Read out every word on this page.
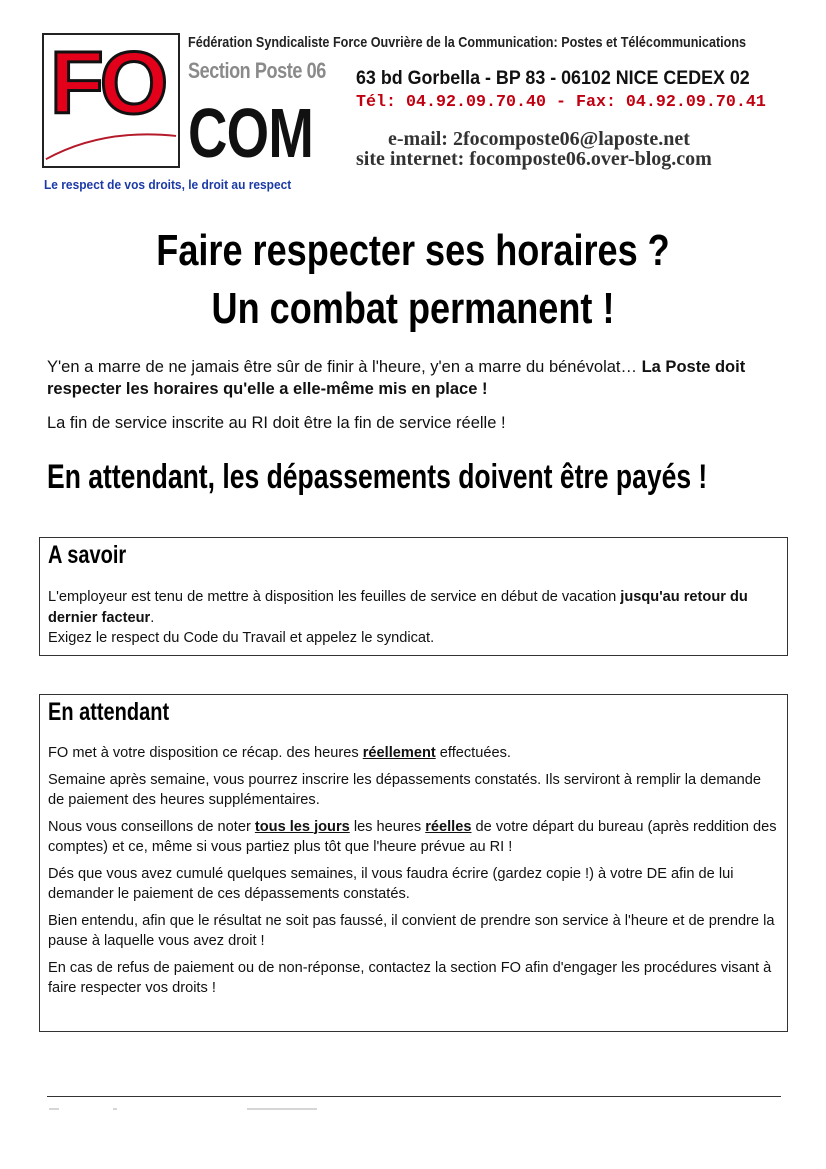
FO Fédération Syndicaliste Force Ouvrière de la Communication: Postes et Télécommunications
Section Poste 06
COM
Le respect de vos droits, le droit au respect
63 bd Gorbella - BP 83 - 06102 NICE CEDEX 02
Tél: 04.92.09.70.40 - Fax: 04.92.09.70.41
e-mail: 2focomposte06@laposte.net
site internet: focomposte06.over-blog.com
Faire respecter ses horaires ?
Un combat permanent !
Y'en a marre de ne jamais être sûr de finir à l'heure, y'en a marre du bénévolat… La Poste doit respecter les horaires qu'elle a elle-même mis en place !
La fin de service inscrite au RI doit être la fin de service réelle !
En attendant, les dépassements doivent être payés !
A savoir
L'employeur est tenu de mettre à disposition les feuilles de service en début de vacation jusqu'au retour du dernier facteur.
Exigez le respect du Code du Travail et appelez le syndicat.
En attendant

FO met à votre disposition ce récap. des heures réellement effectuées.

Semaine après semaine, vous pourrez inscrire les dépassements constatés. Ils serviront à remplir la demande de paiement des heures supplémentaires.

Nous vous conseillons de noter tous les jours les heures réelles de votre départ du bureau (après reddition des comptes) et ce, même si vous partiez plus tôt que l'heure prévue au RI !

Dés que vous avez cumulé quelques semaines, il vous faudra écrire (gardez copie !) à votre DE afin de lui demander le paiement de ces dépassements constatés.

Bien entendu, afin que le résultat ne soit pas faussé, il convient de prendre son service à l'heure et de prendre la pause à laquelle vous avez droit !

En cas de refus de paiement ou de non-réponse, contactez la section FO afin d'engager les procédures visant à faire respecter vos droits !
